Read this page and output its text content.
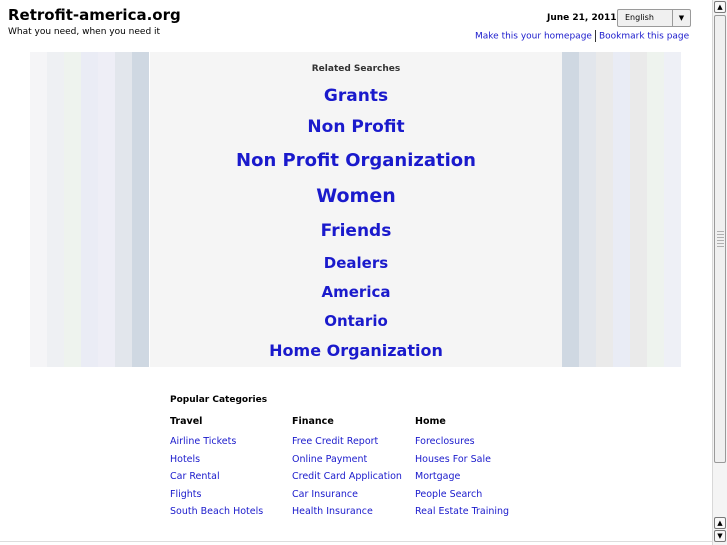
Retrofit-america.org
What you need, when you need it
June 21, 2011 English	▼
Make this your homepage Bookmark this page
Related Searches
Grants
Non Profit
Non Profit Organization
Women
Friends
Dealers
America
Ontario
Home Organization
Popular Categories
Travel
Airline Tickets
Hotels
Car Rental
Flights
South Beach Hotels
Finance
Free Credit Report
Online Payment
Credit Card Application
Car Insurance
Health Insurance
Home
Foreclosures
Houses For Sale
Mortgage
People Search
Real Estate Training
▲
▲
▼
